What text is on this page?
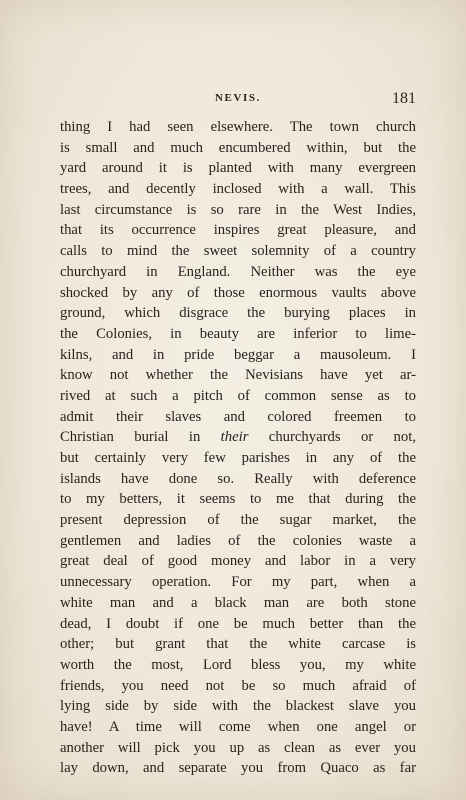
NEVIS.	181
thing I had seen elsewhere. The town church
is small and much encumbered within, but the
yard around it is planted with many evergreen
trees, and decently inclosed with a wall. This
last circumstance is so rare in the West Indies,
that its occurrence inspires great pleasure, and
calls to mind the sweet solemnity of a country
churchyard in England. Neither was the eye
shocked by any of those enormous vaults above
ground, which disgrace the burying places in
the Colonies, in beauty are inferior to lime-
kilns, and in pride beggar a mausoleum. I
know not whether the Nevisians have yet ar-
rived at such a pitch of common sense as to
admit their slaves and colored freemen to
Christian burial in their churchyards or not,
but certainly very few parishes in any of the
islands have done so. Really with deference
to my betters, it seems to me that during the
present depression of the sugar market, the
gentlemen and ladies of the colonies waste a
great deal of good money and labor in a very
unnecessary operation. For my part, when a
white man and a black man are both stone
dead, I doubt if one be much better than the
other; but grant that the white carcase is
worth the most, Lord bless you, my white
friends, you need not be so much afraid of
lying side by side with the blackest slave you
have! A time will come when one angel or
another will pick you up as clean as ever you
lay down, and separate you from Quaco as far
